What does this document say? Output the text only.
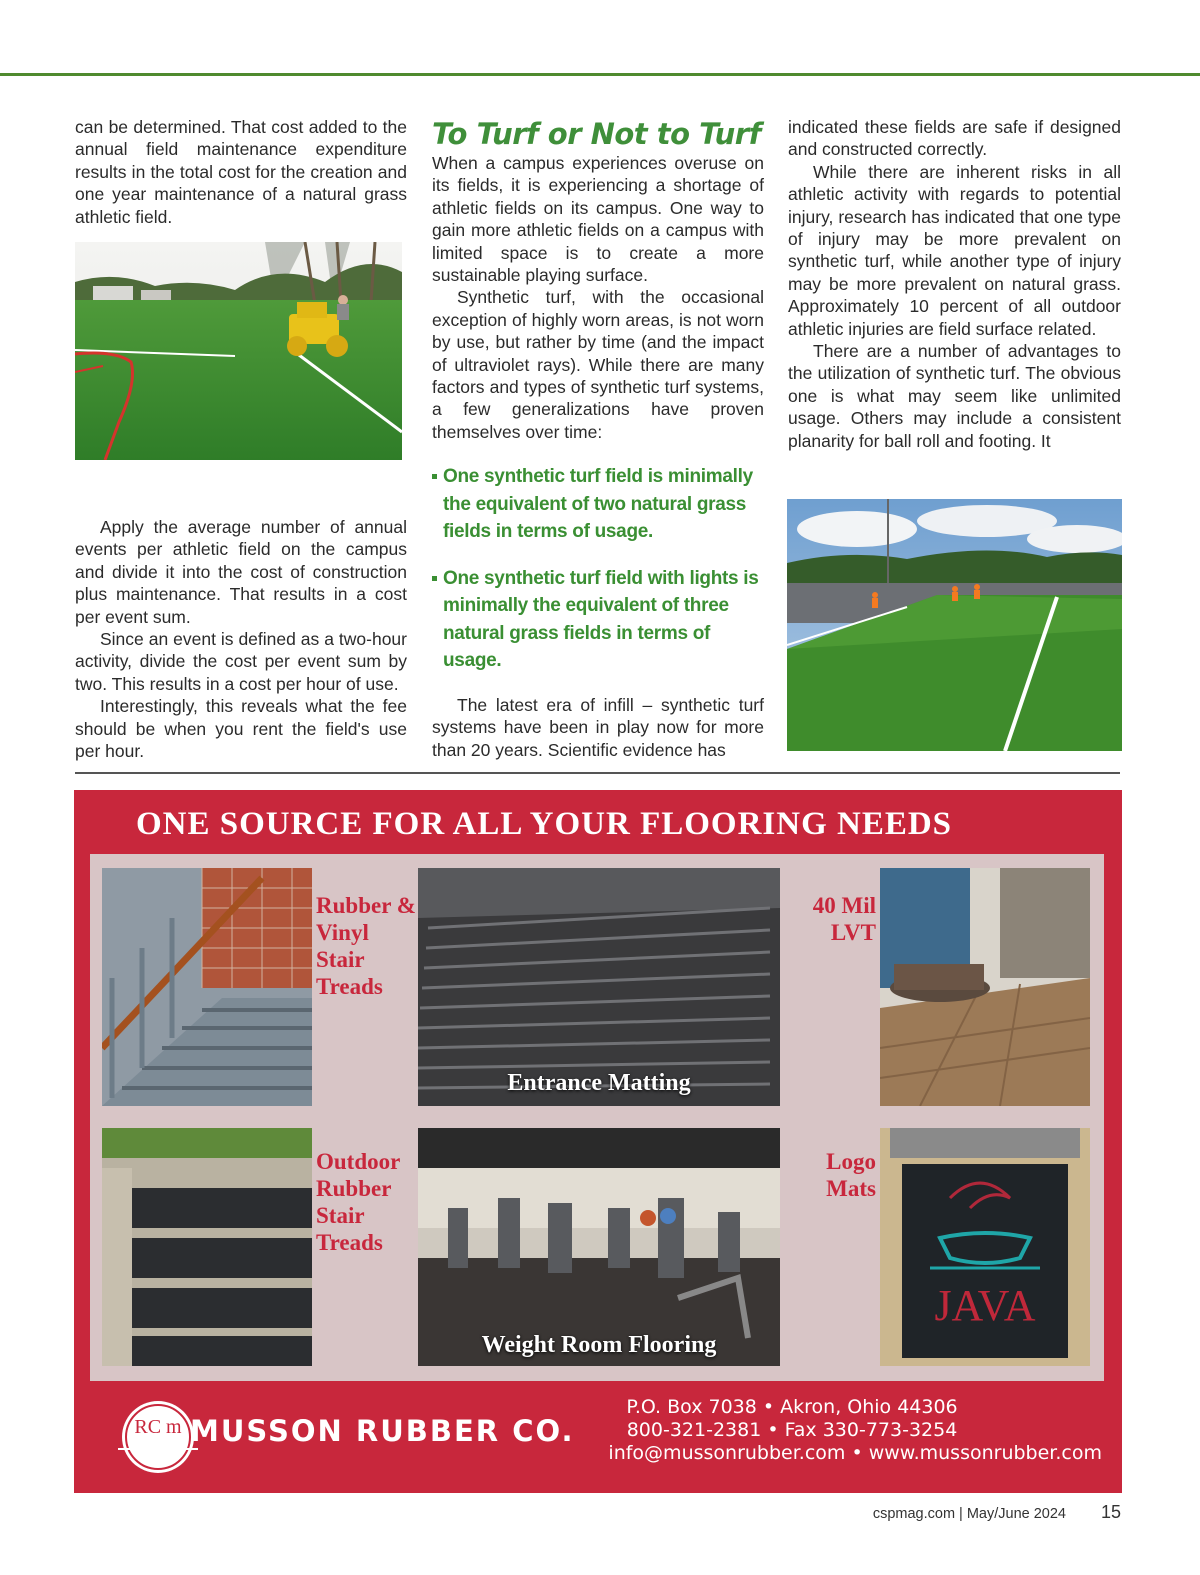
can be determined. That cost added to the annual field maintenance expenditure results in the total cost for the creation and one year maintenance of a natural grass athletic field.

Apply the average number of annual events per athletic field on the campus and divide it into the cost of construction plus maintenance. That results in a cost per event sum.

Since an event is defined as a two-hour activity, divide the cost per event sum by two. This results in a cost per hour of use.

Interestingly, this reveals what the fee should be when you rent the field's use per hour.

To Turf or Not to Turf

When a campus experiences overuse on its fields, it is experiencing a shortage of athletic fields on its campus. One way to gain more athletic fields on a campus with limited space is to create a more sustainable playing surface.

Synthetic turf, with the occasional exception of highly worn areas, is not worn by use, but rather by time (and the impact of ultraviolet rays). While there are many factors and types of synthetic turf systems, a few generalizations have proven themselves over time:

One synthetic turf field is minimally the equivalent of two natural grass fields in terms of usage.
One synthetic turf field with lights is minimally the equivalent of three natural grass fields in terms of usage.

The latest era of infill – synthetic turf systems have been in play now for more than 20 years. Scientific evidence has

indicated these fields are safe if designed and constructed correctly.

While there are inherent risks in all athletic activity with regards to potential injury, research has indicated that one type of injury may be more prevalent on synthetic turf, while another type of injury may be more prevalent on natural grass. Approximately 10 percent of all outdoor athletic injuries are field surface related.

There are a number of advantages to the utilization of synthetic turf. The obvious one is what may seem like unlimited usage. Others may include a consistent planarity for ball roll and footing. It

ONE SOURCE FOR ALL YOUR FLOORING NEEDS
Rubber & Vinyl Stair Treads
Entrance Matting
40 Mil LVT
Outdoor Rubber Stair Treads
Weight Room Flooring
Logo Mats
JAVA
RC m MUSSON RUBBER CO.
P.O. Box 7038 • Akron, Ohio 44306
800-321-2381 • Fax 330-773-3254
info@mussonrubber.com • www.mussonrubber.com
cspmag.com | May/June 2024 15
